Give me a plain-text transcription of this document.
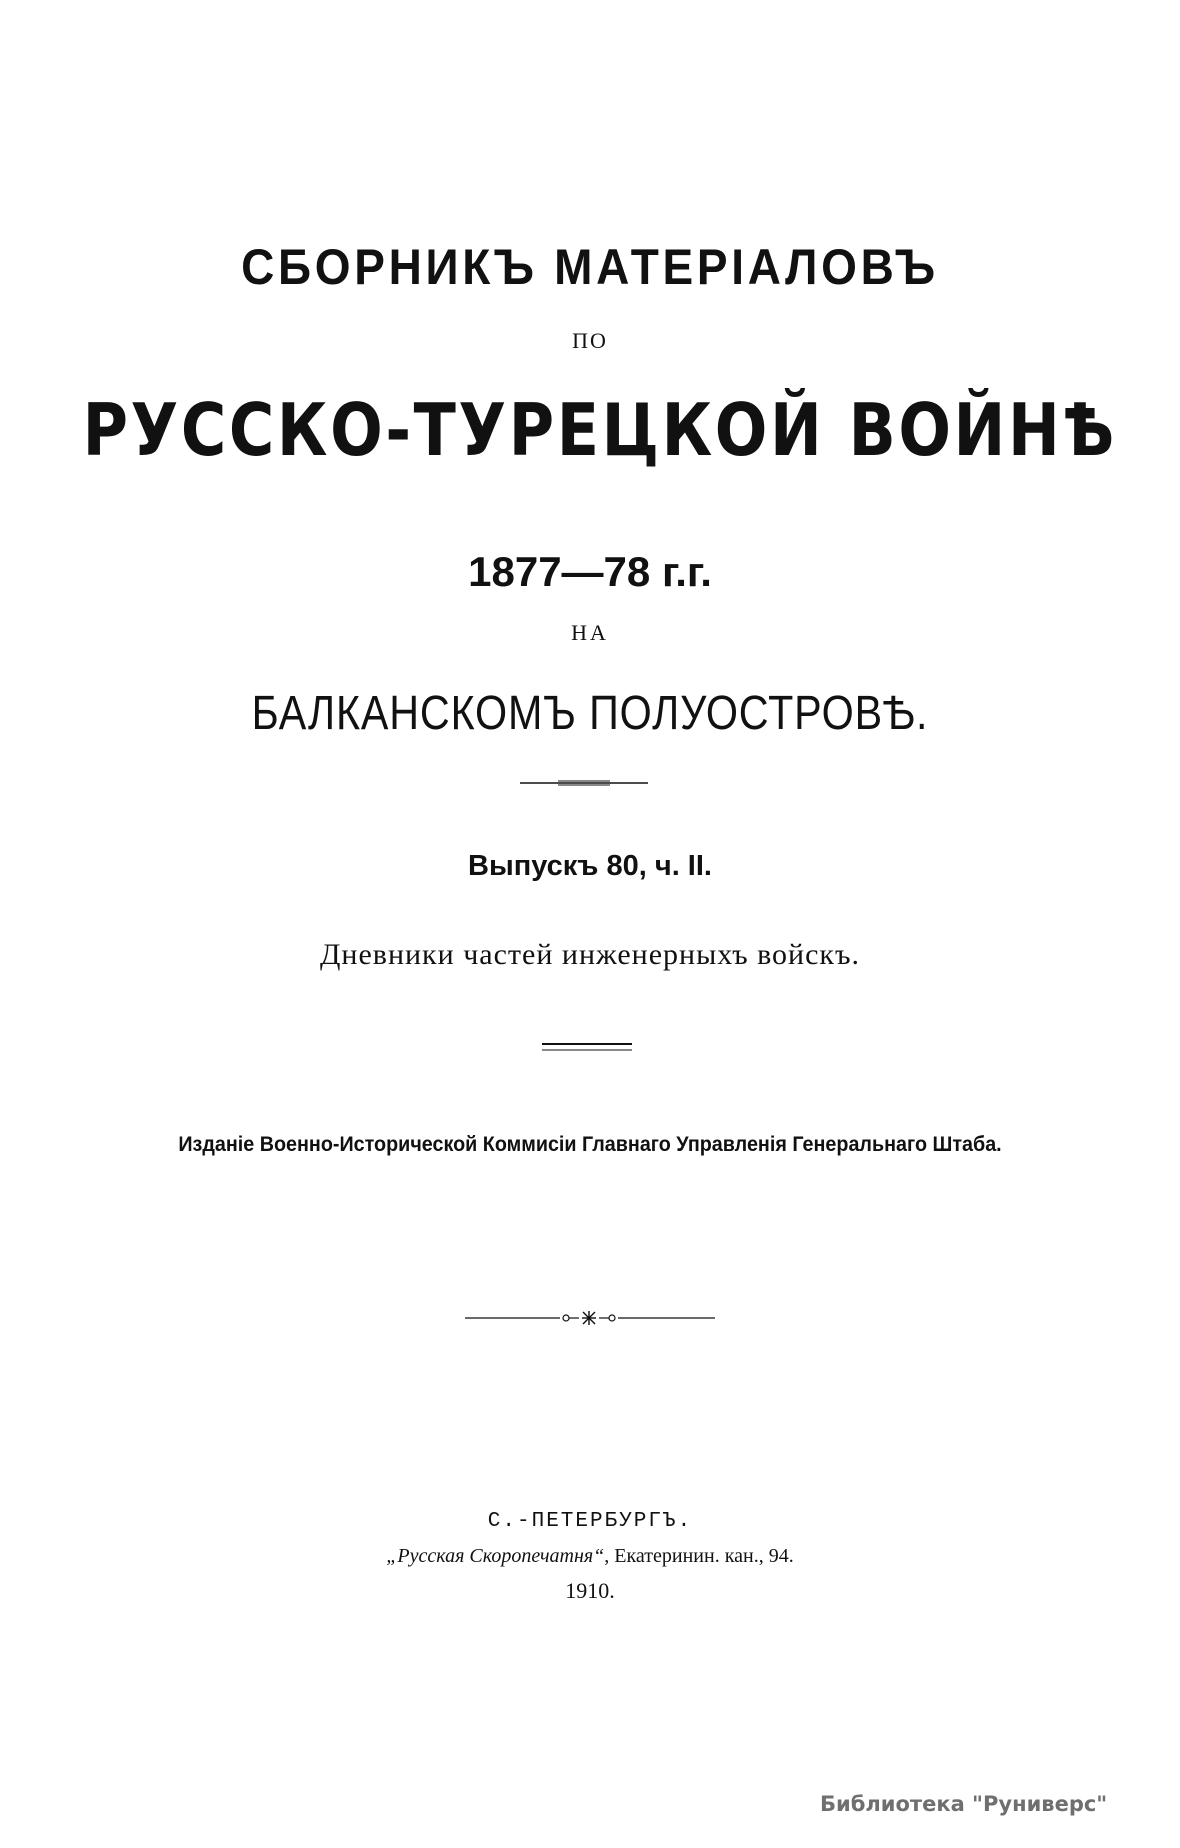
СБОРНИКЪ МАТЕРІАЛОВЪ
ПО
РУССКО-ТУРЕЦКОЙ ВОЙНѢ
1877—78 г.г.
НА
БАЛКАНСКОМЪ ПОЛУОСТРОВѢ.
Выпускъ 80, ч. II.
Дневники частей инженерныхъ войскъ.
Изданіе Военно-Исторической Коммисіи Главнаго Управленія Генеральнаго Штаба.
С.-ПЕТЕРБУРГЪ.
„Русская Скоропечатня“, Екатеринин. кан., 94.
1910.
Библиотека "Руниверс"
